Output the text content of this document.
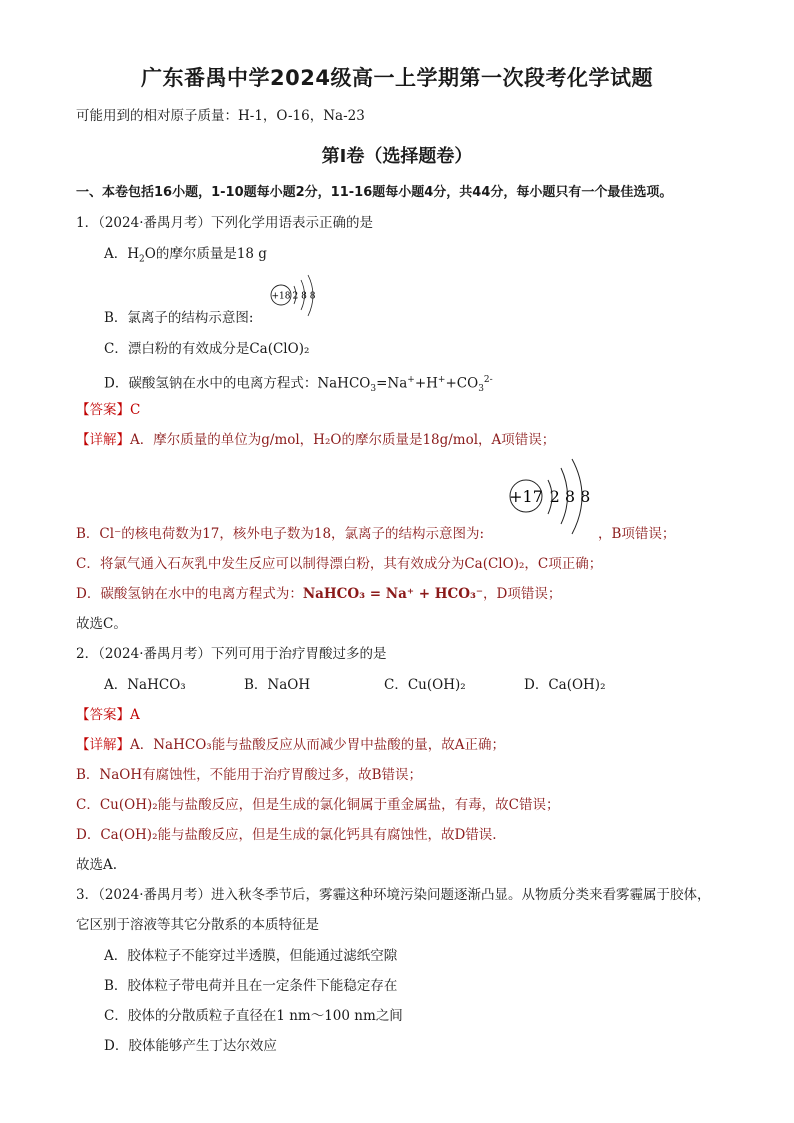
广东番禺中学2024级高一上学期第一次段考化学试题
可能用到的相对原子质量：H-1，O-16，Na-23
第I卷（选择题卷）
一、本卷包括16小题，1-10题每小题2分，11-16题每小题4分，共44分，每小题只有一个最佳选项。
1．（2024·番禺月考）下列化学用语表示正确的是
A．$H_2O$的摩尔质量是18 g
+18 2 8 8
B．氯离子的结构示意图:
C．漂白粉的有效成分是Ca(ClO)₂
D．碳酸氢钠在水中的电离方程式：$NaHCO_3=Na^++H^++CO_3^{2-}$
【答案】C
【详解】A．摩尔质量的单位为g/mol，H₂O的摩尔质量是18g/mol，A项错误；
+17 2 8 8
B．Cl⁻的核电荷数为17，核外电子数为18，氯离子的结构示意图为:	，B项错误；
C．将氯气通入石灰乳中发生反应可以制得漂白粉，其有效成分为Ca(ClO)₂，C项正确；
D．碳酸氢钠在水中的电离方程式为：NaHCO₃ = Na⁺ + HCO₃⁻，D项错误；
故选C。
2．（2024·番禺月考）下列可用于治疗胃酸过多的是
A．NaHCO₃	B．NaOH	C．Cu(OH)₂	D．Ca(OH)₂
【答案】A
【详解】A．NaHCO₃能与盐酸反应从而减少胃中盐酸的量，故A正确；
B．NaOH有腐蚀性，不能用于治疗胃酸过多，故B错误；
C．Cu(OH)₂能与盐酸反应，但是生成的氯化铜属于重金属盐，有毒，故C错误；
D．Ca(OH)₂能与盐酸反应，但是生成的氯化钙具有腐蚀性，故D错误.
故选A.
3．（2024·番禺月考）进入秋冬季节后，雾霾这种环境污染问题逐渐凸显。从物质分类来看雾霾属于胶体，
它区别于溶液等其它分散系的本质特征是
A．胶体粒子不能穿过半透膜，但能通过滤纸空隙
B．胶体粒子带电荷并且在一定条件下能稳定存在
C．胶体的分散质粒子直径在1 nm～100 nm之间
D．胶体能够产生丁达尔效应
